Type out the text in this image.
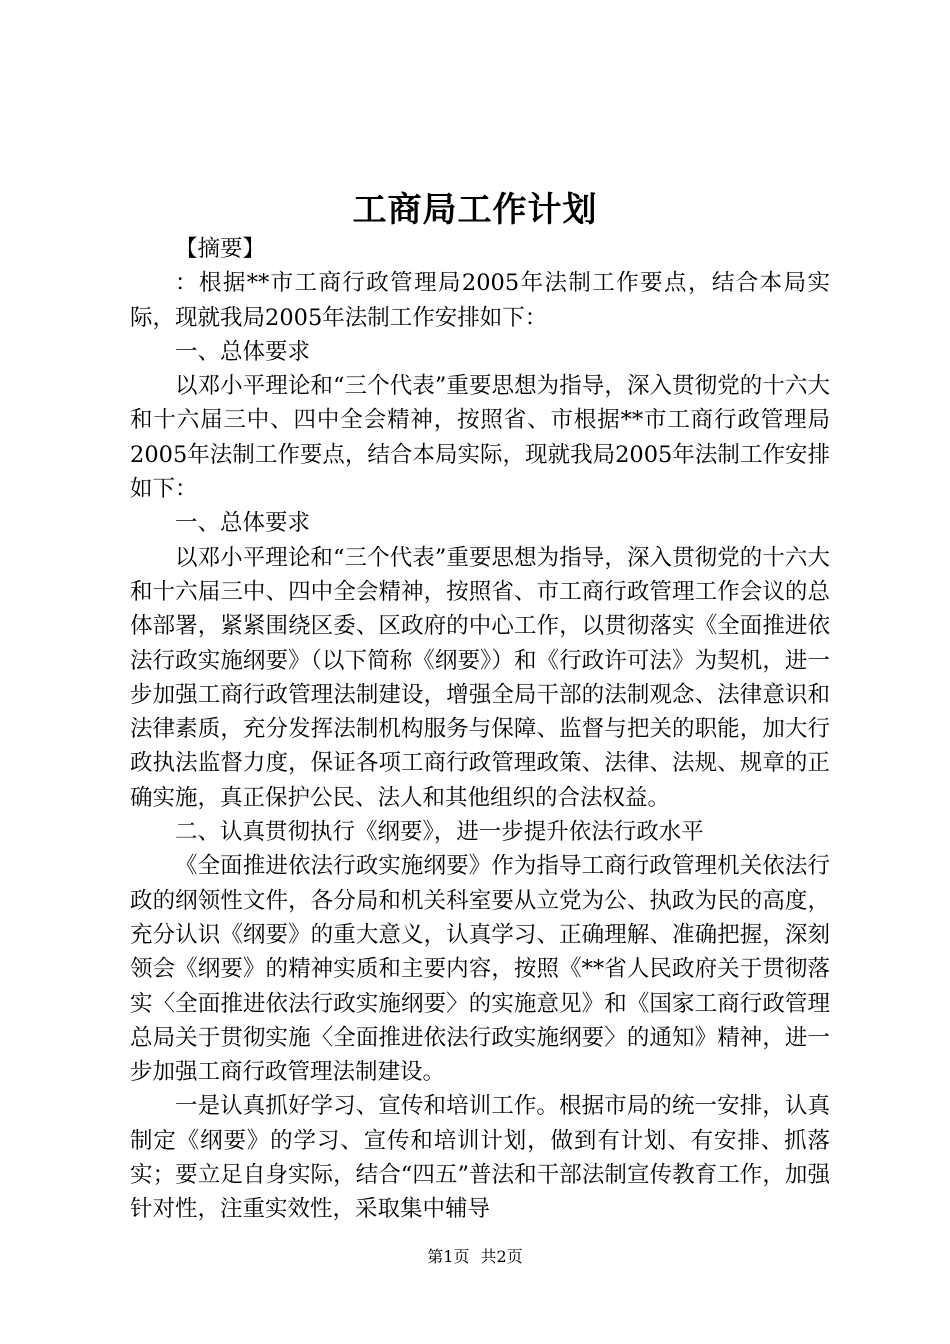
工商局工作计划

【摘要】

：根据**市工商行政管理局2005年法制工作要点，结合本局实际，现就我局2005年法制工作安排如下：

一、总体要求

以邓小平理论和“三个代表”重要思想为指导，深入贯彻党的十六大和十六届三中、四中全会精神，按照省、市根据**市工商行政管理局2005年法制工作要点，结合本局实际，现就我局2005年法制工作安排如下：

一、总体要求

以邓小平理论和“三个代表”重要思想为指导，深入贯彻党的十六大和十六届三中、四中全会精神，按照省、市工商行政管理工作会议的总体部署，紧紧围绕区委、区政府的中心工作，以贯彻落实《全面推进依法行政实施纲要》（以下简称《纲要》）和《行政许可法》为契机，进一步加强工商行政管理法制建设，增强全局干部的法制观念、法律意识和法律素质，充分发挥法制机构服务与保障、监督与把关的职能，加大行政执法监督力度，保证各项工商行政管理政策、法律、法规、规章的正确实施，真正保护公民、法人和其他组织的合法权益。

二、认真贯彻执行《纲要》，进一步提升依法行政水平

《全面推进依法行政实施纲要》作为指导工商行政管理机关依法行政的纲领性文件，各分局和机关科室要从立党为公、执政为民的高度，充分认识《纲要》的重大意义，认真学习、正确理解、准确把握，深刻领会《纲要》的精神实质和主要内容，按照《**省人民政府关于贯彻落实〈全面推进依法行政实施纲要〉的实施意见》和《国家工商行政管理总局关于贯彻实施〈全面推进依法行政实施纲要〉的通知》精神，进一步加强工商行政管理法制建设。

一是认真抓好学习、宣传和培训工作。根据市局的统一安排，认真制定《纲要》的学习、宣传和培训计划，做到有计划、有安排、抓落实；要立足自身实际，结合“四五”普法和干部法制宣传教育工作，加强针对性，注重实效性，采取集中辅导

第1页 共2页
